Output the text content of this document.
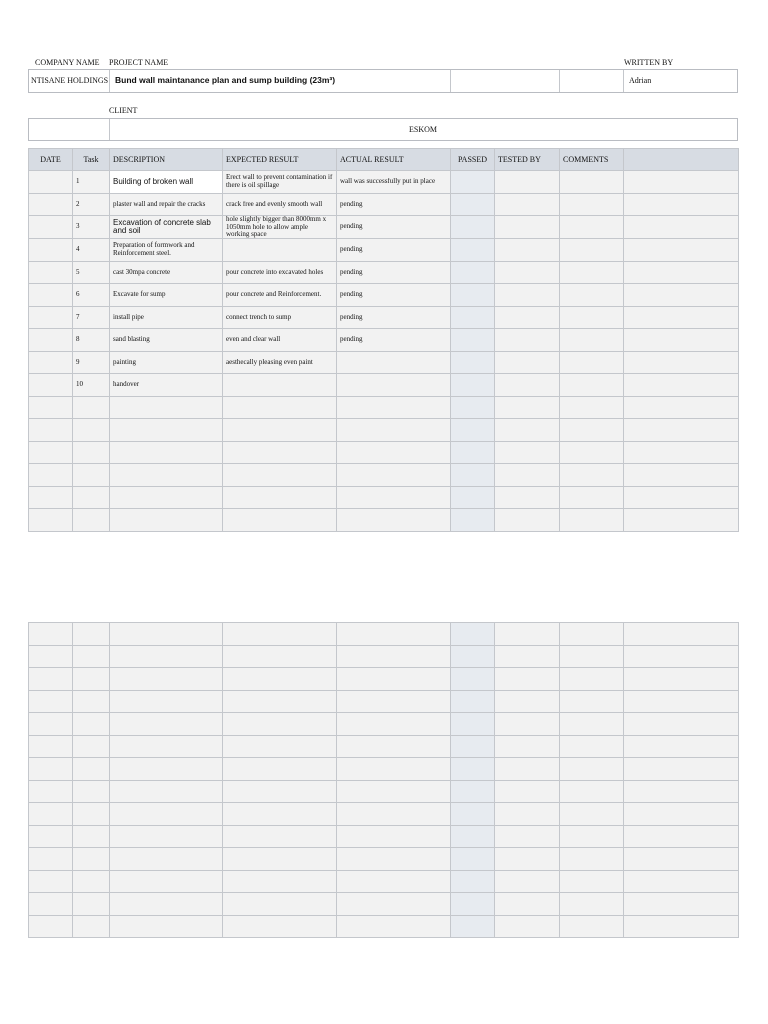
COMPANY NAME PROJECT NAME	WRITTEN BY
NTISANE HOLDINGS Bund wall maintanance plan and sump building (23m³)	Adrian
CLIENT
ESKOM
DATE	Task	DESCRIPTION	EXPECTED RESULT	ACTUAL RESULT	PASSED	TESTED BY	COMMENTS	
	1	Building of broken wall	Erect wall to prevent contamination if there is oil spillage	wall was successfully put in place				

	2	plaster wall and repair the cracks	crack free and evenly smooth wall	pending				

	3	Excavation of concrete slab and soil	hole slightly bigger than 8000mm x 1050mm hole to allow ample working space	pending				

	4	Preparation of formwork and Reinforcement steel.		pending				

	5	cast 30mpa concrete	pour concrete into excavated holes	pending				

	6	Excavate for sump	pour concrete and Reinforcement.	pending				

	7	install pipe	connect trench to sump	pending				

	8	sand blasting	even and clear wall	pending				

	9	painting	aesthecally pleasing even paint					

	10	handover	
